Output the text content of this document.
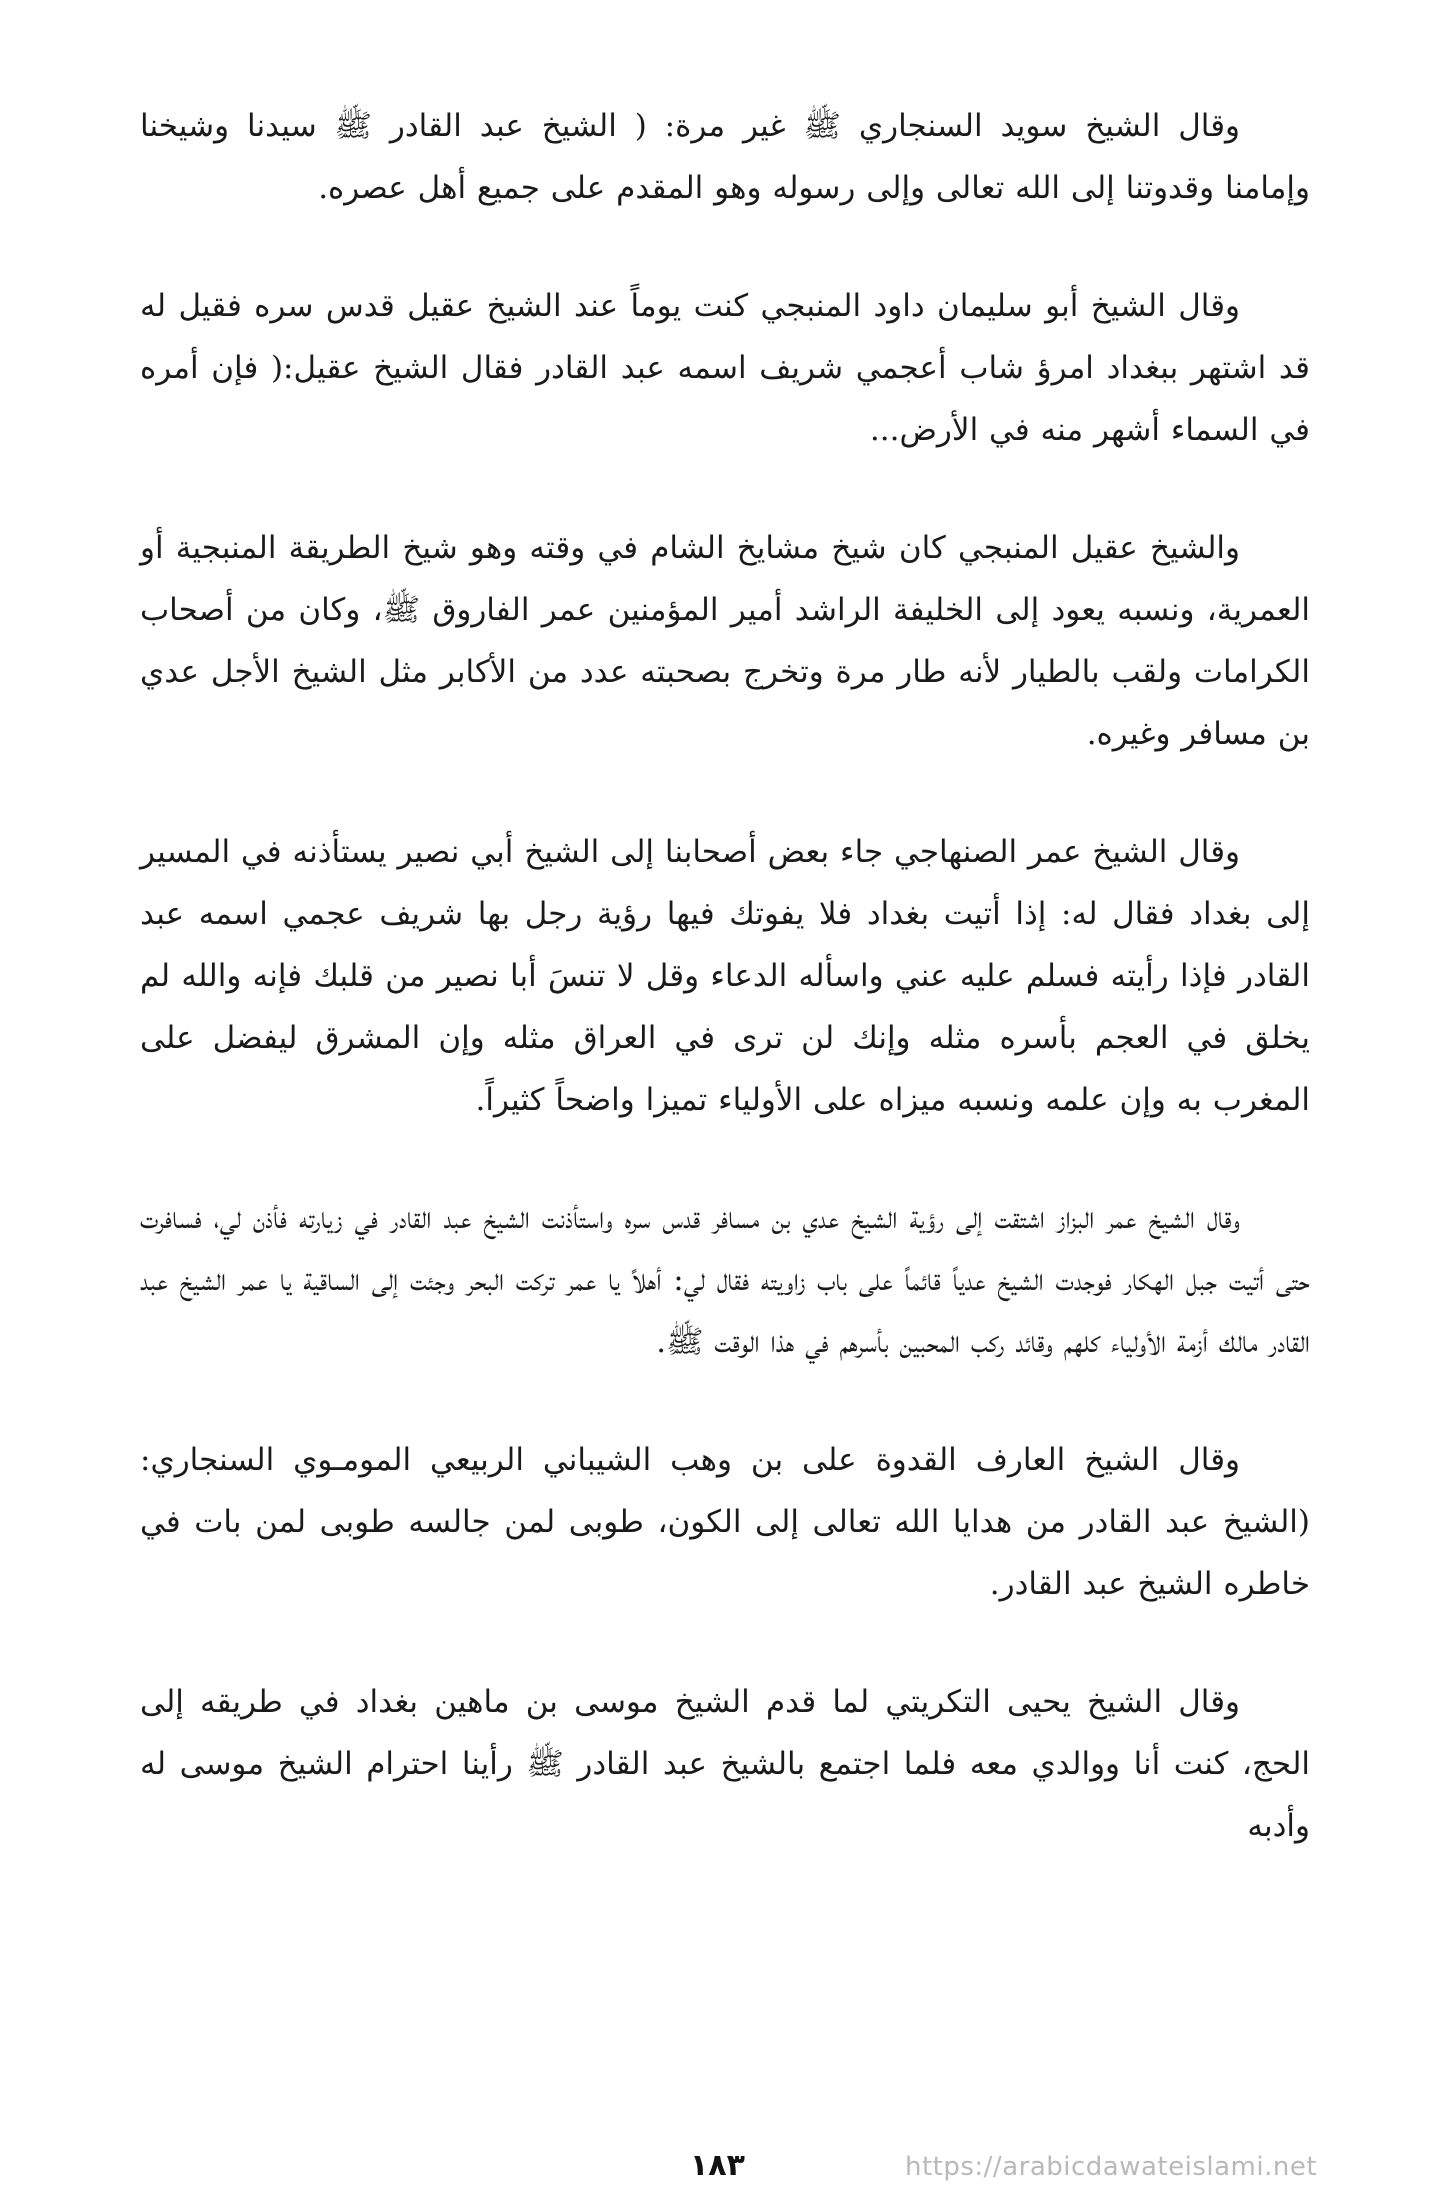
وقال الشيخ سويد السنجاري ﷺ غير مرة: ( الشيخ عبد القادر ﷺ سيدنا وشيخنا وإمامنا وقدوتنا إلى الله تعالى وإلى رسوله وهو المقدم على جميع أهل عصره.

وقال الشيخ أبو سليمان داود المنبجي كنت يوماً عند الشيخ عقيل قدس سره فقيل له قد اشتهر ببغداد امرؤ شاب أعجمي شريف اسمه عبد القادر فقال الشيخ عقيل:( فإن أمره في السماء أشهر منه في الأرض...

والشيخ عقيل المنبجي كان شيخ مشايخ الشام في وقته وهو شيخ الطريقة المنبجية أو العمرية، ونسبه يعود إلى الخليفة الراشد أمير المؤمنين عمر الفاروق ﷺ، وكان من أصحاب الكرامات ولقب بالطيار لأنه طار مرة وتخرج بصحبته عدد من الأكابر مثل الشيخ الأجل عدي بن مسافر وغيره.

وقال الشيخ عمر الصنهاجي جاء بعض أصحابنا إلى الشيخ أبي نصير يستأذنه في المسير إلى بغداد فقال له: إذا أتيت بغداد فلا يفوتك فيها رؤية رجل بها شريف عجمي اسمه عبد القادر فإذا رأيته فسلم عليه عني واسأله الدعاء وقل لا تنسَ أبا نصير من قلبك فإنه والله لم يخلق في العجم بأسره مثله وإنك لن ترى في العراق مثله وإن المشرق ليفضل على المغرب به وإن علمه ونسبه ميزاه على الأولياء تميزا واضحاً كثيراً.

وقال الشيخ عمر البزاز اشتقت إلى رؤية الشيخ عدي بن مسافر قدس سره واستأذنت الشيخ عبد القادر في زيارته فأذن لي، فسافرت حتى أتيت جبل الهكار فوجدت الشيخ عدياً قائماً على باب زاويته فقال لي: أهلاً يا عمر تركت البحر وجئت إلى الساقية يا عمر الشيخ عبد القادر مالك أزمة الأولياء كلهم وقائد ركب المحبين بأسرهم في هذا الوقت ﷺ.

وقال الشيخ العارف القدوة على بن وهب الشيباني الربيعي المومـوي السنجاري: (الشيخ عبد القادر من هدايا الله تعالى إلى الكون، طوبى لمن جالسه طوبى لمن بات في خاطره الشيخ عبد القادر.

وقال الشيخ يحيى التكريتي لما قدم الشيخ موسى بن ماهين بغداد في طريقه إلى الحج، كنت أنا ووالدي معه فلما اجتمع بالشيخ عبد القادر ﷺ رأينا احترام الشيخ موسى له وأدبه

١٨٣	https://arabicdawateislami.net
